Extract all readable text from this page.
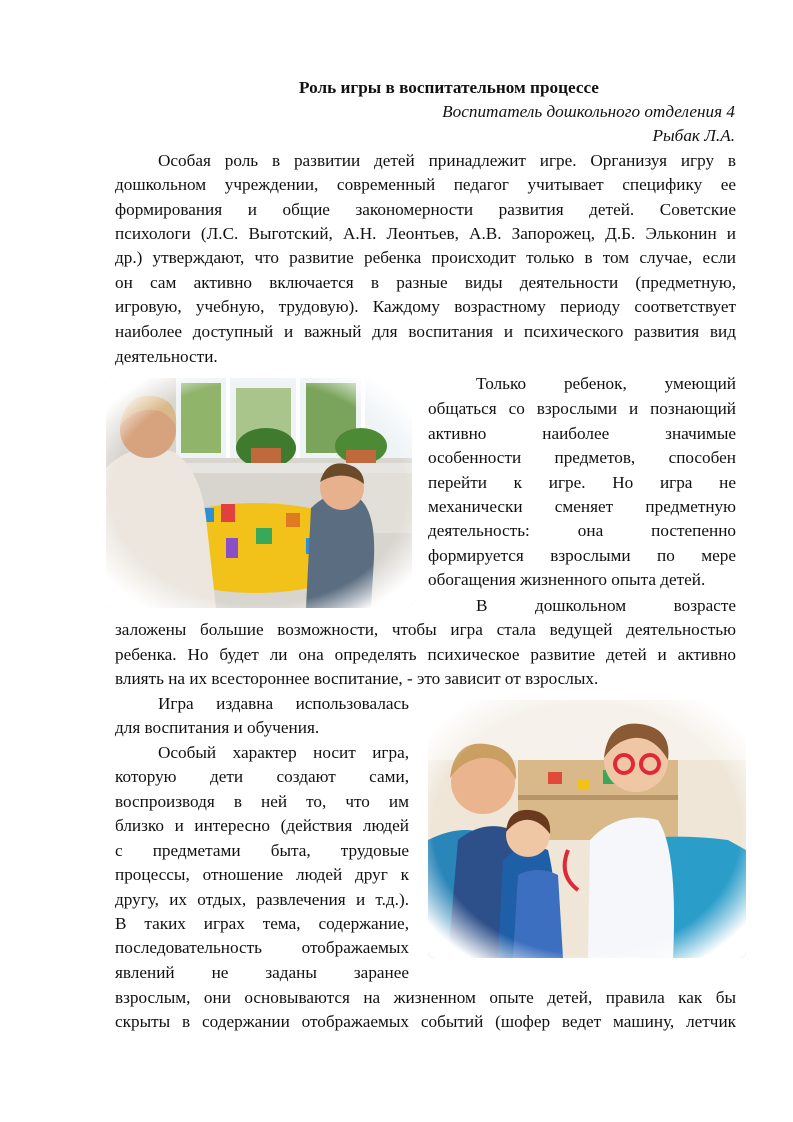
Роль игры в воспитательном процессе
Воспитатель дошкольного отделения 4
Рыбак Л.А.
Особая роль в развитии детей принадлежит игре. Организуя игру в
дошкольном учреждении, современный педагог учитывает специфику ее
формирования и общие закономерности развития детей. Советские
психологи (Л.С. Выготский, А.Н. Леонтьев, А.В. Запорожец, Д.Б. Эльконин и
др.) утверждают, что развитие ребенка происходит только в том случае, если
он сам активно включается в разные виды деятельности (предметную,
игровую, учебную, трудовую). Каждому возрастному периоду соответствует
наиболее доступный и важный для воспитания и психического развития вид
деятельности.
Только ребенок, умеющий
общаться со взрослыми и познающий
активно наиболее значимые
особенности предметов, способен
перейти к игре. Но игра не
механически сменяет предметную
деятельность: она постепенно
формируется взрослыми по мере
обогащения жизненного опыта детей.
В дошкольном возрасте
заложены большие возможности, чтобы игра стала ведущей деятельностью
ребенка. Но будет ли она определять психическое развитие детей и активно
влиять на их всестороннее воспитание, - это зависит от взрослых.
Игра издавна использовалась
для воспитания и обучения.
Особый характер носит игра,
которую дети создают сами,
воспроизводя в ней то, что им
близко и интересно (действия людей
с предметами быта, трудовые
процессы, отношение людей друг к
другу, их отдых, развлечения и т.д.).
В таких играх тема, содержание,
последовательность отображаемых
явлений не заданы заранее
взрослым, они основываются на жизненном опыте детей, правила как бы
скрыты в содержании отображаемых событий (шофер ведет машину, летчик
